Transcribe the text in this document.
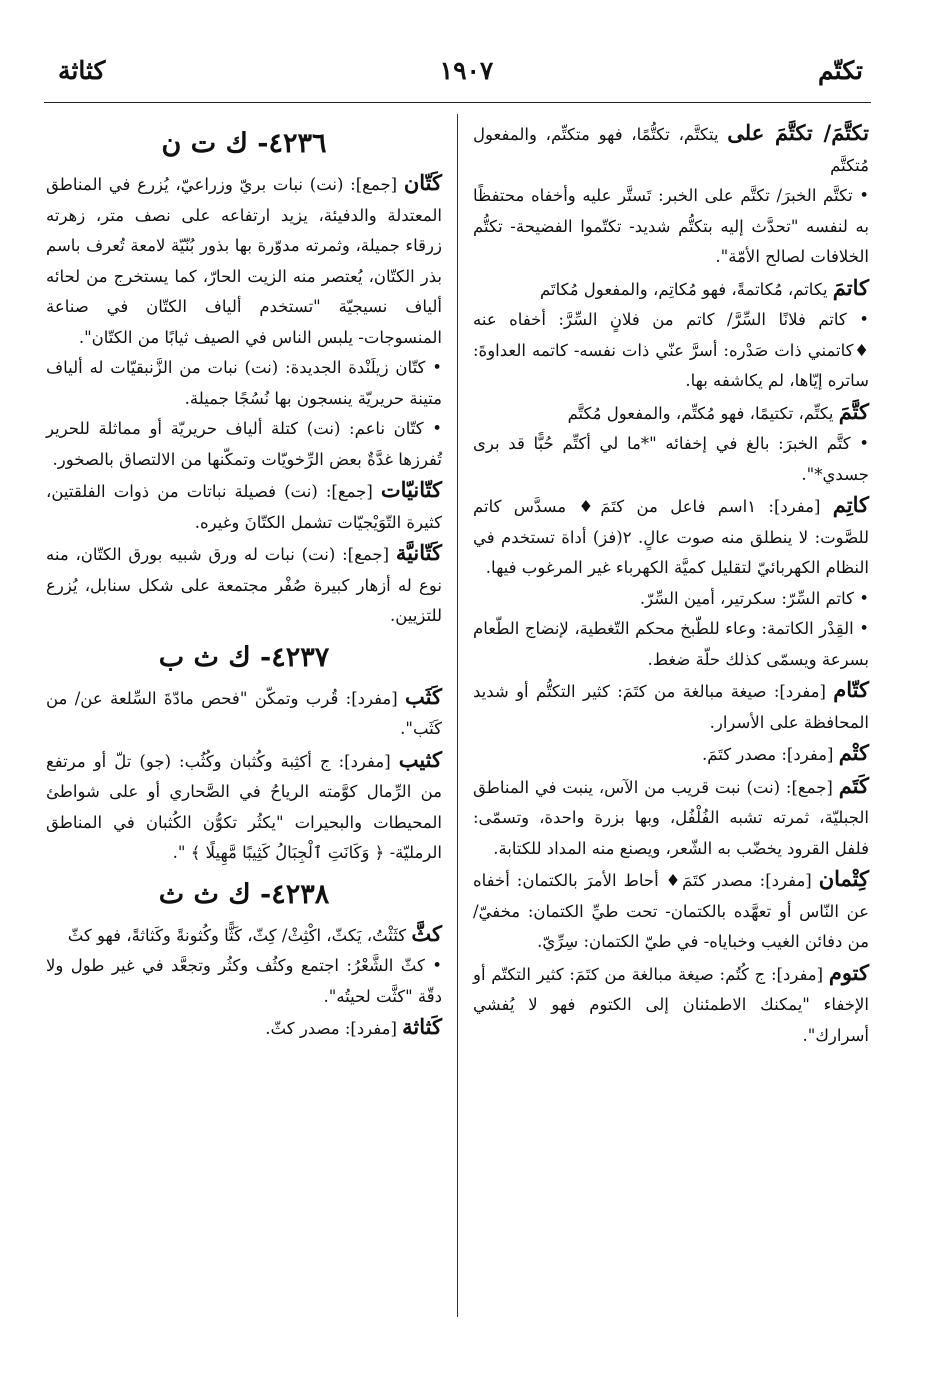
تكتّم
١٩٠٧
كثاثة

تكتَّمَ/ تكتَّمَ على يتكتَّم، تكتُّمًا، فهو متكتِّم، والمفعول مُتكتَّم

• تكتَّم الخبرَ/ تكتَّم على الخبر: تَستَّر عليه وأخفاه محتفظًا به لنفسه "تحدَّث إليه بتكتُّم شديد- تكتّموا الفضيحة- تكتُّم الخلافات لصالح الأمّة".

كاتمَ يكاتم، مُكاتمةً، فهو مُكاتِم، والمفعول مُكاتَم

• كاتم فلانًا السِّرَّ/ كاتم من فلانٍ السِّرَّ: أخفاه عنه ♦كاتمني ذات صَدْره: أسرَّ عنّي ذات نفسه- كاتمه العداوةَ: ساتره إيّاها، لم يكاشفه بها.

كتَّمَ يكتِّم، تكتيمًا، فهو مُكتِّم، والمفعول مُكتَّم

• كتَّم الخبرَ: بالغ في إخفائه "*ما لي أكتِّم حُبًّا قد برى جسدي*".

كاتِم [مفرد]: ١اسم فاعل من كتَمَ♦ مسدَّس كاتم للصَّوت: لا ينطلق منه صوت عالٍ. ٢(فز) أداة تستخدم في النظام الكهربائيّ لتقليل كميَّة الكهرباء غير المرغوب فيها.

• كاتم السِّرّ: سكرتير، أمين السِّرّ.

• القِدْر الكاتمة: وعاء للطّبخ محكم التّغطية، لإنضاج الطّعام بسرعة ويسمّى كذلك حلّة ضغط.

كتّام [مفرد]: صيغة مبالغة من كتَمَ: كثير التكتُّم أو شديد المحافظة على الأسرار.

كتْم [مفرد]: مصدر كتَمَ.

كَتَم [جمع]: (نت) نبت قريب من الآس، ينبت في المناطق الجبليّة، ثمرته تشبه الفُلْفُل، وبها بزرة واحدة، وتسمّى: فلفل القرود يخضّب به الشّعر، ويصنع منه المداد للكتابة.

كِتْمان [مفرد]: مصدر كتَمَ♦ أحاط الأمرَ بالكتمان: أخفاه عن النّاس أو تعهَّده بالكتمان- تحت طيِّ الكتمان: مخفيّ/ من دفائن الغيب وخباياه- في طيّ الكتمان: سِرِّيّ.

كتوم [مفرد]: ج كُتُم: صيغة مبالغة من كتَمَ: كثير التكتّم أو الإخفاء "يمكنك الاطمئنان إلى الكتوم فهو لا يُفشي أسرارك".

٤٢٣٦- ك ت ن

كَتّان [جمع]: (نت) نبات بريّ وزراعيّ، يُزرع في المناطق المعتدلة والدفيئة، يزيد ارتفاعه على نصف متر، زهرته زرقاء جميلة، وثمرته مدوّرة بها بذور بُنّيّة لامعة تُعرف باسم بذر الكتّان، يُعتصر منه الزيت الحارّ، كما يستخرج من لحائه ألياف نسيجيّة "تستخدم ألياف الكتّان في صناعة المنسوجات- يلبس الناس في الصيف ثيابًا من الكتّان".

• كتّان زيلَنْدة الجديدة: (نت) نبات من الزَّنبقيّات له ألياف متينة حريريّة ينسجون بها نُسُجًا جميلة.

• كتّان ناعم: (نت) كتلة ألياف حريريّة أو مماثلة للحرير تُفرزها غدَّةٌ بعض الرِّخويّات وتمكّنها من الالتصاق بالصخور.

كتّانيّات [جمع]: (نت) فصيلة نباتات من ذوات الفلقتين، كثيرة التّوَيْجيّات تشمل الكتّانَ وغيره.

كَتّانيَّة [جمع]: (نت) نبات له ورق شبيه بورق الكتّان، منه نوع له أزهار كبيرة صُفْر مجتمعة على شكل سنابل، يُزرع للتزيين.

٤٢٣٧- ك ث ب

كَثَب [مفرد]: قُرب وتمكّن "فحص مادّةَ السِّلعة عن/ من كَثَب".

كثيب [مفرد]: ج أكثِبة وكُثبان وكُثُب: (جو) تلّ أو مرتفع من الرِّمال كوَّمته الرياحُ في الصَّحاري أو على شواطئ المحيطات والبحيرات "يكثُر تكوُّن الكُثبان في المناطق الرمليّة- ﴿ وَكَانَتِ ٱلْجِبَالُ كَثِيبًا مَّهِيلًا ﴾ ".

٤٢٣٨- ك ث ث

كثَّ كثَثْتُ، يَكثّ، اكْثِثْ/ كِثّ، كَثًّا وكُثونةً وكَثاثةً، فهو كثّ

• كثّ الشَّعْرُ: اجتمع وكثُف وكثُر وتجعَّد في غير طول ولا دقّة "كثَّت لحيتُه".

كَثاثة [مفرد]: مصدر كثّ.
